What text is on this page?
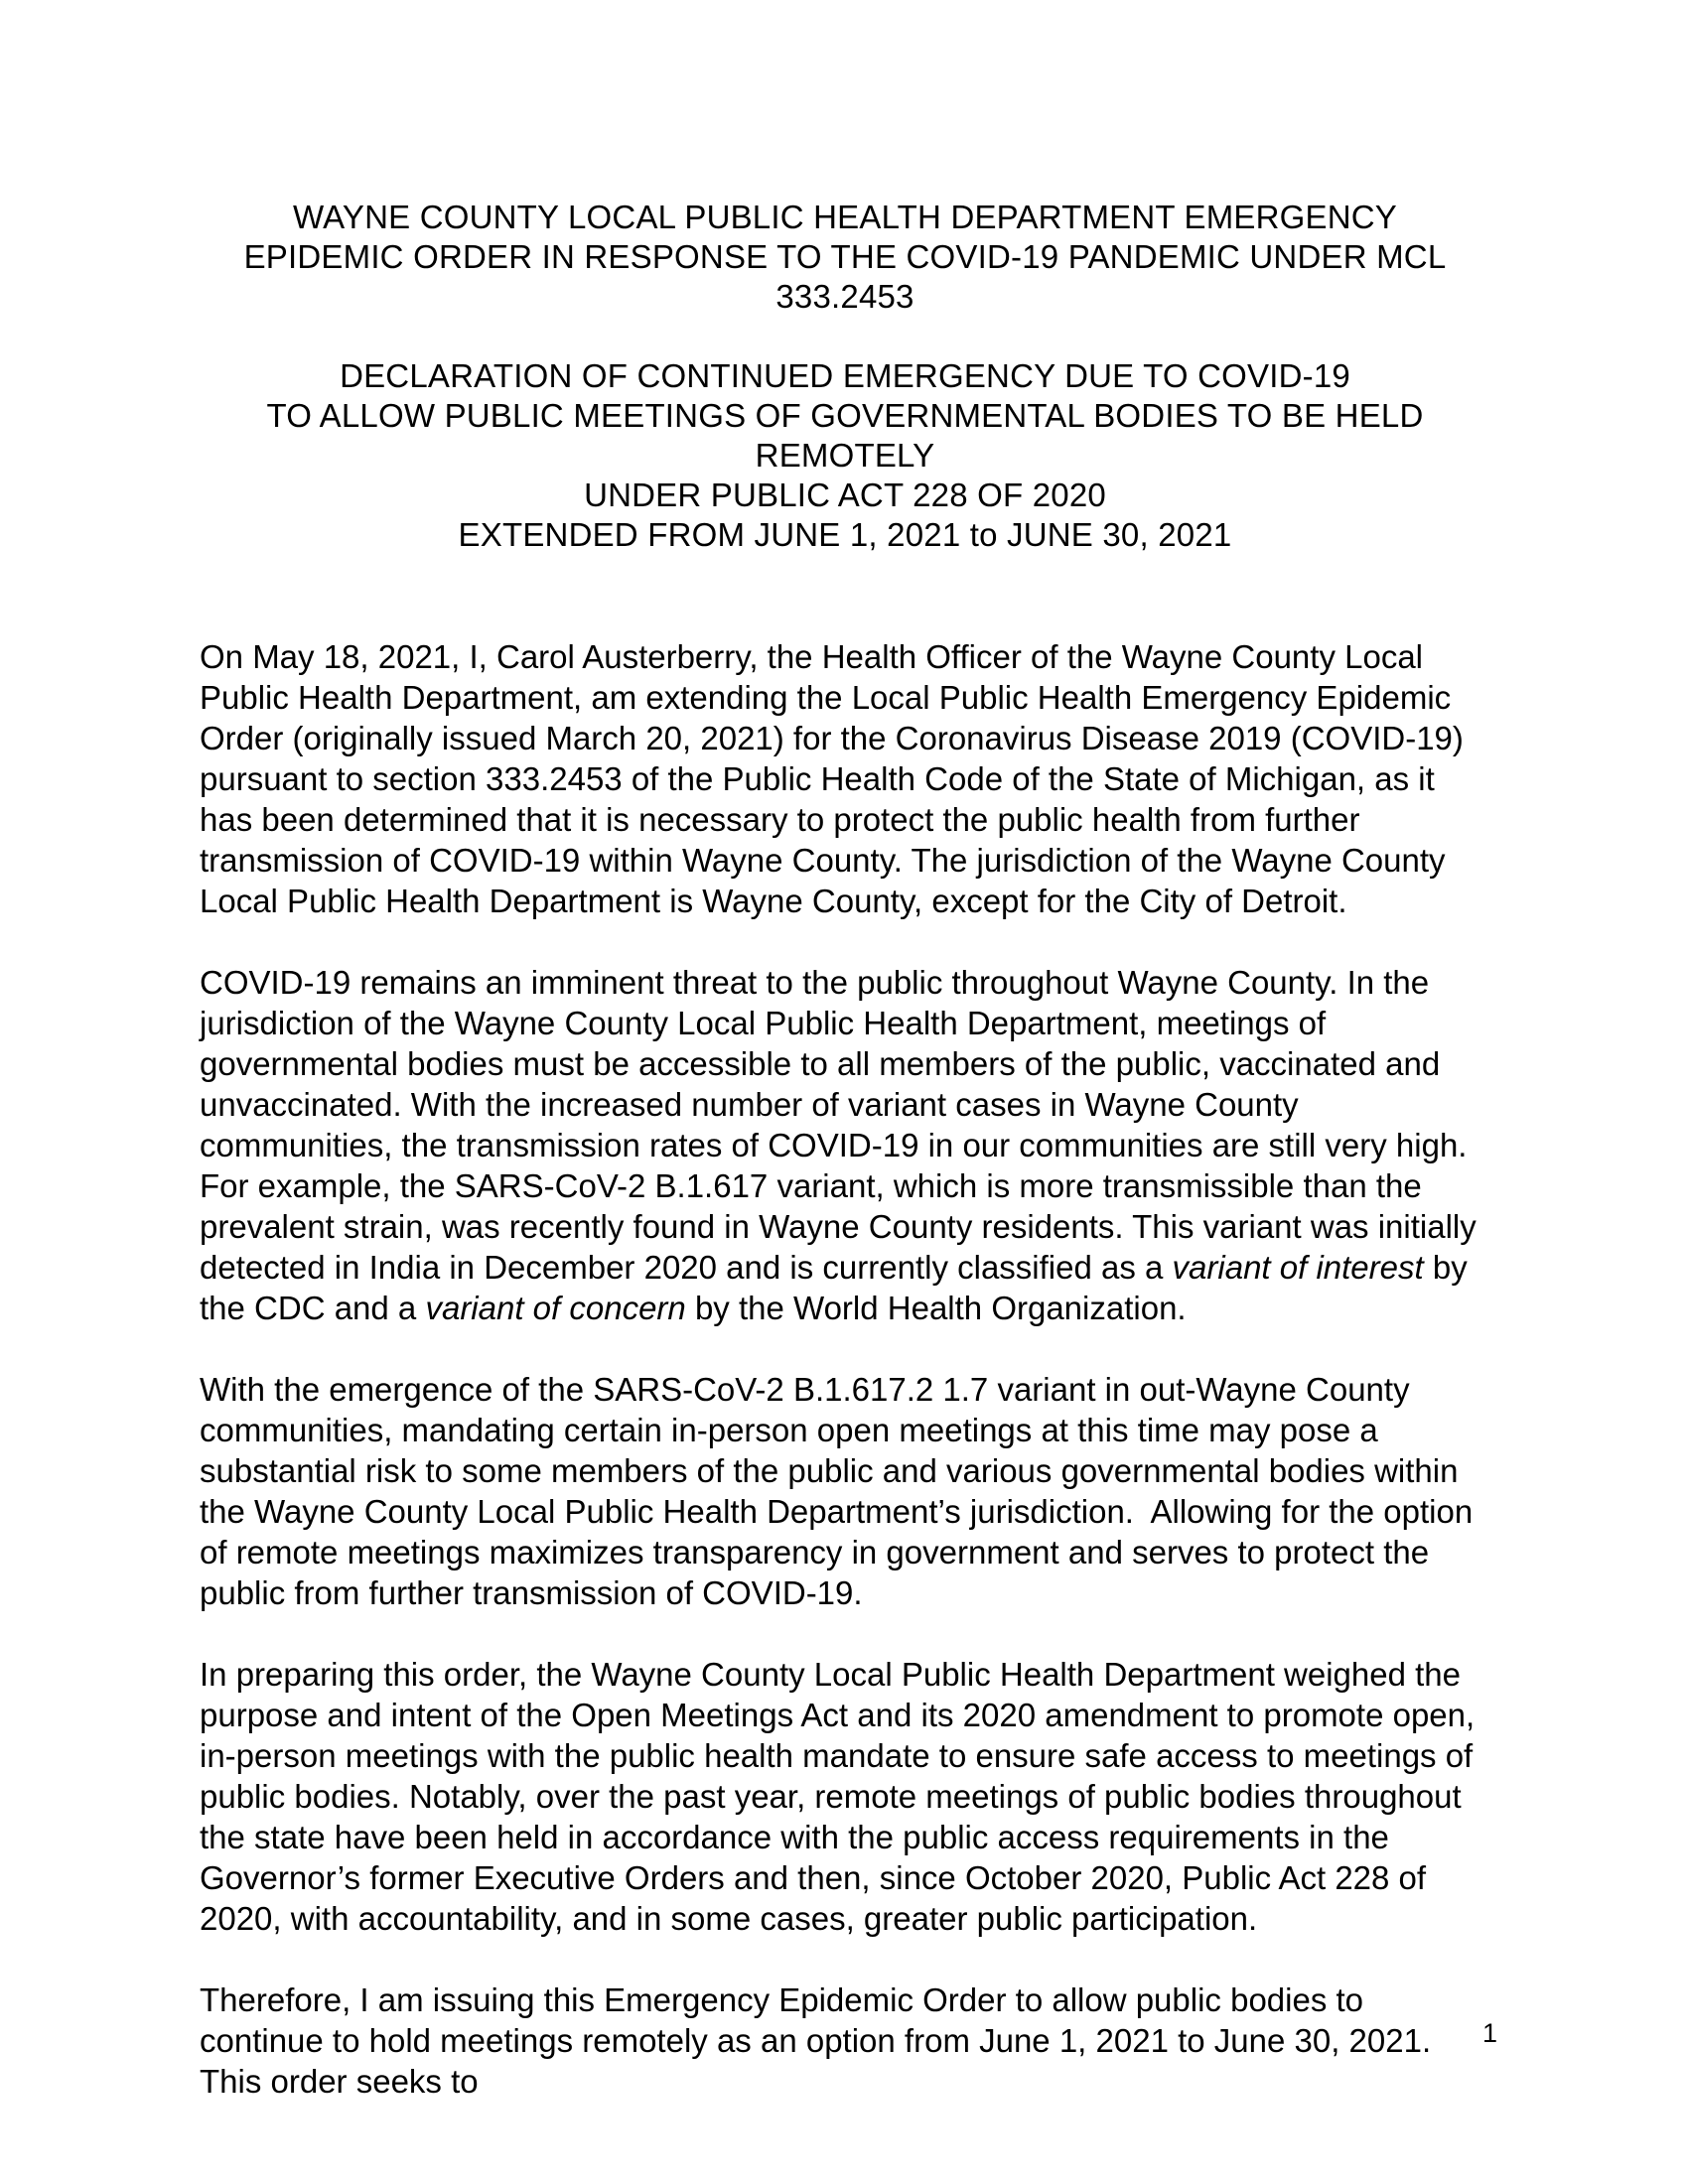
WAYNE COUNTY LOCAL PUBLIC HEALTH DEPARTMENT EMERGENCY
EPIDEMIC ORDER IN RESPONSE TO THE COVID-19 PANDEMIC UNDER MCL 333.2453
DECLARATION OF CONTINUED EMERGENCY DUE TO COVID-19
TO ALLOW PUBLIC MEETINGS OF GOVERNMENTAL BODIES TO BE HELD REMOTELY
UNDER PUBLIC ACT 228 OF 2020
EXTENDED FROM JUNE 1, 2021 to JUNE 30, 2021

On May 18, 2021, I, Carol Austerberry, the Health Officer of the Wayne County Local Public Health Department, am extending the Local Public Health Emergency Epidemic Order (originally issued March 20, 2021) for the Coronavirus Disease 2019 (COVID-19) pursuant to section 333.2453 of the Public Health Code of the State of Michigan, as it has been determined that it is necessary to protect the public health from further transmission of COVID-19 within Wayne County. The jurisdiction of the Wayne County Local Public Health Department is Wayne County, except for the City of Detroit.

COVID-19 remains an imminent threat to the public throughout Wayne County. In the jurisdiction of the Wayne County Local Public Health Department, meetings of governmental bodies must be accessible to all members of the public, vaccinated and unvaccinated. With the increased number of variant cases in Wayne County communities, the transmission rates of COVID-19 in our communities are still very high. For example, the SARS-CoV-2 B.1.617 variant, which is more transmissible than the prevalent strain, was recently found in Wayne County residents. This variant was initially detected in India in December 2020 and is currently classified as a variant of interest by the CDC and a variant of concern by the World Health Organization.

With the emergence of the SARS-CoV-2 B.1.617.2 1.7 variant in out-Wayne County communities, mandating certain in-person open meetings at this time may pose a substantial risk to some members of the public and various governmental bodies within the Wayne County Local Public Health Department’s jurisdiction.  Allowing for the option of remote meetings maximizes transparency in government and serves to protect the public from further transmission of COVID-19.

In preparing this order, the Wayne County Local Public Health Department weighed the purpose and intent of the Open Meetings Act and its 2020 amendment to promote open, in-person meetings with the public health mandate to ensure safe access to meetings of public bodies. Notably, over the past year, remote meetings of public bodies throughout the state have been held in accordance with the public access requirements in the Governor’s former Executive Orders and then, since October 2020, Public Act 228 of 2020, with accountability, and in some cases, greater public participation.

Therefore, I am issuing this Emergency Epidemic Order to allow public bodies to continue to hold meetings remotely as an option from June 1, 2021 to June 30, 2021. This order seeks to

1
